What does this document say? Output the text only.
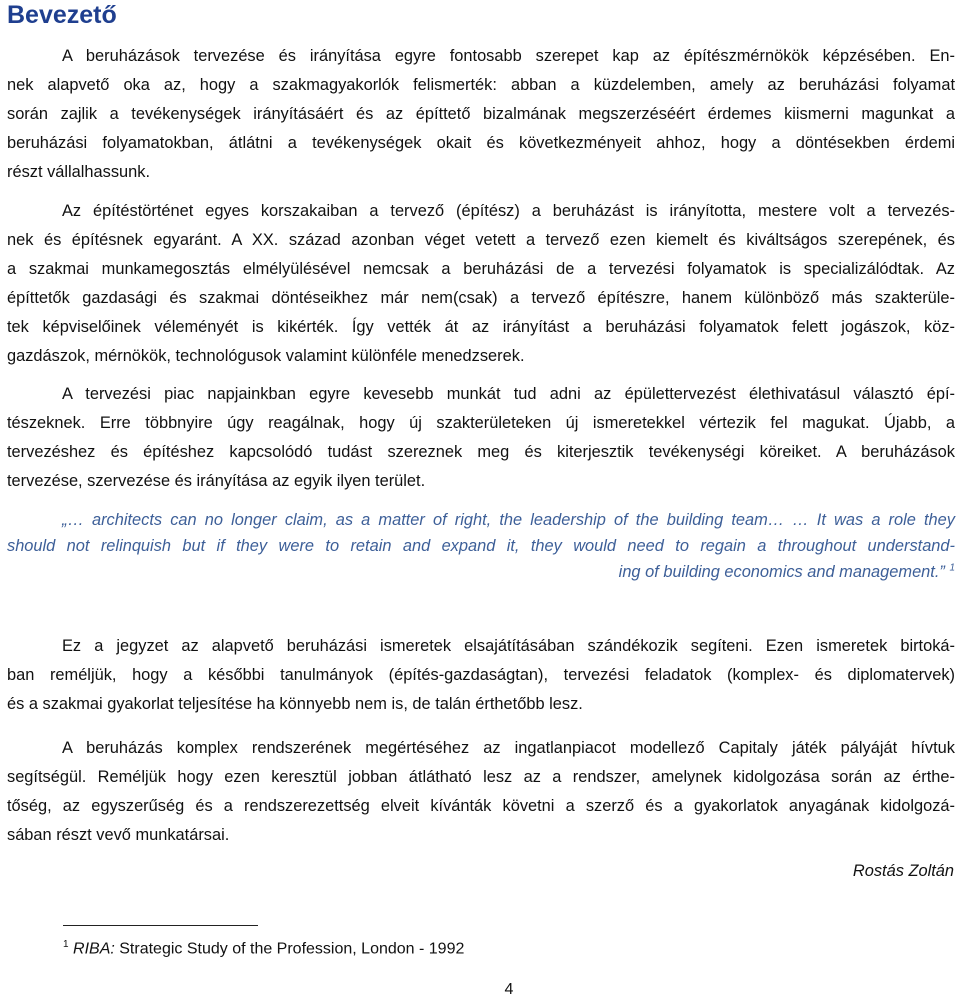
Bevezető

A beruházások tervezése és irányítása egyre fontosabb szerepet kap az építészmérnökök képzésében. En-
nek alapvető oka az, hogy a szakmagyakorlók felismerték: abban a küzdelemben, amely az beruházási folyamat
során zajlik a tevékenységek irányításáért és az építtető bizalmának megszerzéséért érdemes kiismerni magunkat a
beruházási folyamatokban, átlátni a tevékenységek okait és következményeit ahhoz, hogy a döntésekben érdemi
részt vállalhassunk.

Az építéstörténet egyes korszakaiban a tervező (építész) a beruházást is irányította, mestere volt a tervezés-
nek és építésnek egyaránt. A XX. század azonban véget vetett a tervező ezen kiemelt és kiváltságos szerepének, és
a szakmai munkamegosztás elmélyülésével nemcsak a beruházási de a tervezési folyamatok is specializálódtak. Az
építtetők gazdasági és szakmai döntéseikhez már nem(csak) a tervező építészre, hanem különböző más szakterüle-
tek képviselőinek véleményét is kikérték. Így vették át az irányítást a beruházási folyamatok felett jogászok, köz-
gazdászok, mérnökök, technológusok valamint különféle menedzserek.

A tervezési piac napjainkban egyre kevesebb munkát tud adni az épülettervezést élethivatásul választó épí-
tészeknek. Erre többnyire úgy reagálnak, hogy új szakterületeken új ismeretekkel vértezik fel magukat. Újabb, a
tervezéshez és építéshez kapcsolódó tudást szereznek meg és kiterjesztik tevékenységi köreiket. A beruházások
tervezése, szervezése és irányítása az egyik ilyen terület.

„… architects can no longer claim, as a matter of right, the leadership of the building team… … It was a role they
should not relinquish but if they were to retain and expand it, they would need to regain a throughout understand-
ing of building economics and management.” $^1$

Ez a jegyzet az alapvető beruházási ismeretek elsajátításában szándékozik segíteni. Ezen ismeretek birtoká-
ban reméljük, hogy a későbbi tanulmányok (építés-gazdaságtan), tervezési feladatok (komplex- és diplomatervek)
és a szakmai gyakorlat teljesítése ha könnyebb nem is, de talán érthetőbb lesz.

A beruházás komplex rendszerének megértéséhez az ingatlanpiacot modellező Capitaly játék pályáját hívtuk
segítségül. Reméljük hogy ezen keresztül jobban átlátható lesz az a rendszer, amelynek kidolgozása során az érthe-
tőség, az egyszerűség és a rendszerezettség elveit kívánták követni a szerző és a gyakorlatok anyagának kidolgozá-
sában részt vevő munkatársai.

Rostás Zoltán
$^1$ RIBA: Strategic Study of the Profession, London - 1992
4
